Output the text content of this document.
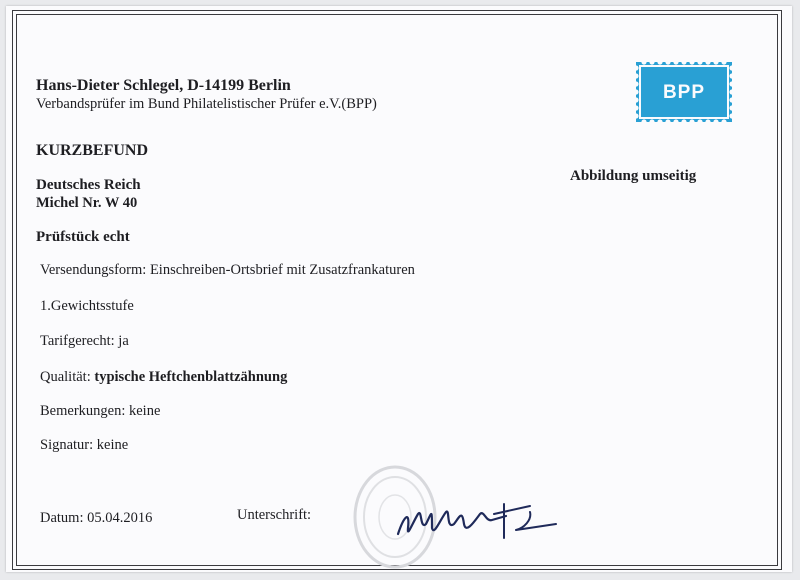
Hans-Dieter Schlegel, D-14199 Berlin
Verbandsprüfer im Bund Philatelistischer Prüfer e.V.(BPP)
BPP
KURZBEFUND
Deutsches Reich
Michel Nr. W 40
Abbildung umseitig
Prüfstück echt
Versendungsform: Einschreiben-Ortsbrief mit Zusatzfrankaturen
1.Gewichtsstufe
Tarifgerecht: ja
Qualität: typische Heftchenblattzähnung
Bemerkungen: keine
Signatur: keine
Datum: 05.04.2016	Unterschrift:
